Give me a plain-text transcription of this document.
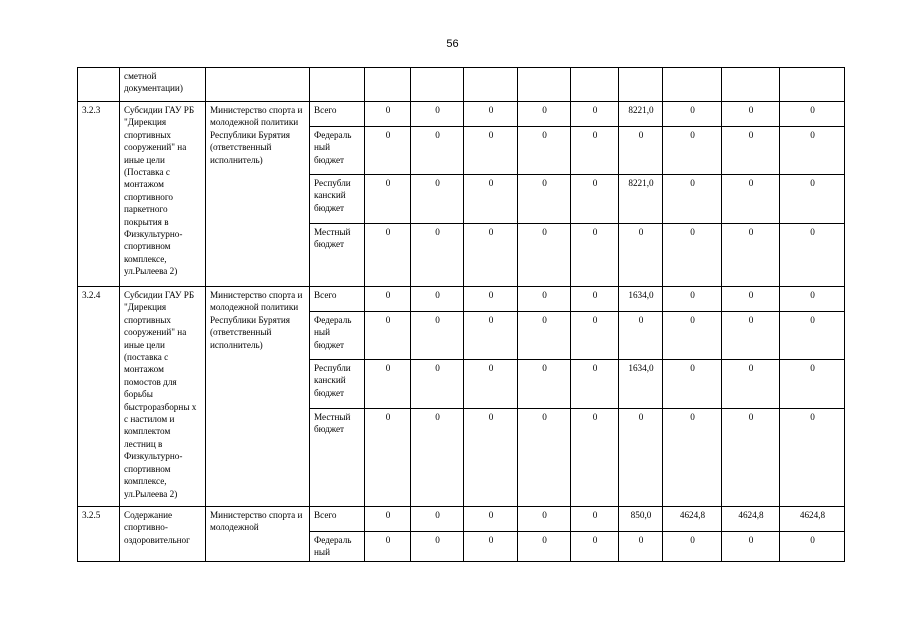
56
	сметной документации)											
3.2.3	Субсидии ГАУ РБ "Дирекция спортивных сооружений" на иные цели (Поставка с монтажом спортивного паркетного покрытия в Физкультурно-спортивном комплексе, ул.Рылеева 2)	Министерство спорта и молодежной политики Республики Бурятия (ответственный исполнитель)	Всего	0	0	0	0	0	8221,0	0	0	0
			Федераль ный бюджет	0	0	0	0	0	0	0	0	0
			Республи канский бюджет	0	0	0	0	0	8221,0	0	0	0
			Местный бюджет	0	0	0	0	0	0	0	0	0
3.2.4	Субсидии ГАУ РБ "Дирекция спортивных сооружений" на иные цели (поставка с монтажом помостов для борьбы быстроразборны х с настилом и комплектом лестниц в Физкультурно-спортивном комплексе, ул.Рылеева 2)	Министерство спорта и молодежной политики Республики Бурятия (ответственный исполнитель)	Всего	0	0	0	0	0	1634,0	0	0	0
			Федераль ный бюджет	0	0	0	0	0	0	0	0	0
			Республи канский бюджет	0	0	0	0	0	1634,0	0	0	0
			Местный бюджет	0	0	0	0	0	0	0	0	0
3.2.5	Содержание спортивно-оздоровительног	Министерство спорта и молодежной	Всего	0	0	0	0	0	850,0	4624,8	4624,8	4624,8
			Федераль ный	0	0	0	0	0	0	0	0	0
